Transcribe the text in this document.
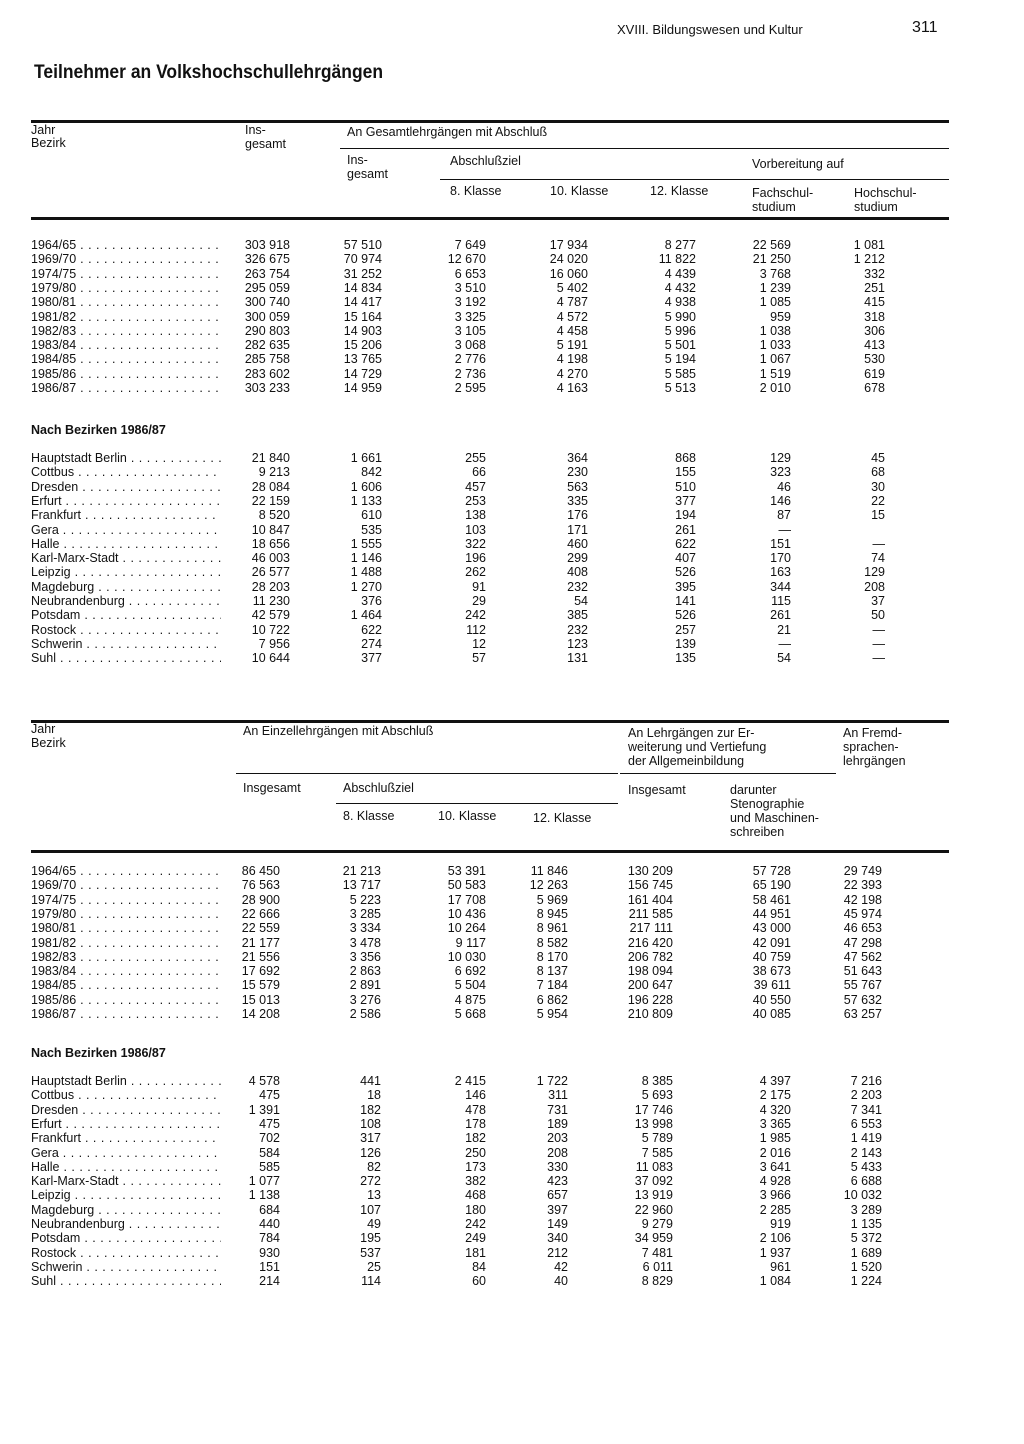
XVIII. Bildungswesen und Kultur	311
Teilnehmer an Volkshochschullehrgängen
Jahr
Bezirk
Ins-
gesamt
An Gesamtlehrgängen mit Abschluß
Ins-
gesamt
Abschlußziel	Vorbereitung auf
8. Klasse	10. Klasse	12. Klasse	Fachschul-
studium
Hochschul-
studium
1964/65 . . .	303 918	57 510	7 649	17 934	8 277	22 569	1 081
1969/70 . . .	326 675	70 974	12 670	24 020	11 822	21 250	1 212
1974/75 . . .	263 754	31 252	6 653	16 060	4 439	3 768	332
1979/80 . . .	295 059	14 834	3 510	5 402	4 432	1 239	251
1980/81 . . .	300 740	14 417	3 192	4 787	4 938	1 085	415
1981/82 . . .	300 059	15 164	3 325	4 572	5 990	959	318
1982/83 . . .	290 803	14 903	3 105	4 458	5 996	1 038	306
1983/84 . . .	282 635	15 206	3 068	5 191	5 501	1 033	413
1984/85 . . .	285 758	13 765	2 776	4 198	5 194	1 067	530
1985/86 . . .	283 602	14 729	2 736	4 270	5 585	1 519	619
1986/87 . . .	303 233	14 959	2 595	4 163	5 513	2 010	678
Nach Bezirken 1986/87
Hauptstadt Berlin . . .	21 840	1 661	255	364	868	129	45
Cottbus . . .	9 213	842	66	230	155	323	68
Dresden . . .	28 084	1 606	457	563	510	46	30
Erfurt . . .	22 159	1 133	253	335	377	146	22
Frankfurt . . .	8 520	610	138	176	194	87	15
Gera . . .	10 847	535	103	171	261	—
Halle . . .	18 656	1 555	322	460	622	151	—
Karl-Marx-Stadt . . .	46 003	1 146	196	299	407	170	74
Leipzig . . .	26 577	1 488	262	408	526	163	129
Magdeburg . . .	28 203	1 270	91	232	395	344	208
Neubrandenburg . . .	11 230	376	29	54	141	115	37
Potsdam . . .	42 579	1 464	242	385	526	261	50
Rostock . . .	10 722	622	112	232	257	21	—
Schwerin . . .	7 956	274	12	123	139	—	—
Suhl . . .	10 644	377	57	131	135	54	—
Jahr
Bezirk
An Einzellehrgängen mit Abschluß	An Lehrgängen zur Er-
weiterung und Vertiefung
der Allgemeinbildung
An Fremd-
sprachen-
lehrgängen
Insgesamt	Abschlußziel	Insgesamt	darunter
Stenographie
und Maschinen-
schreiben
8. Klasse	10. Klasse	12. Klasse
1964/65 . . .	86 450	21 213	53 391	11 846	130 209	57 728	29 749
1969/70 . . .	76 563	13 717	50 583	12 263	156 745	65 190	22 393
1974/75 . . .	28 900	5 223	17 708	5 969	161 404	58 461	42 198
1979/80 . . .	22 666	3 285	10 436	8 945	211 585	44 951	45 974
1980/81 . . .	22 559	3 334	10 264	8 961	217 111	43 000	46 653
1981/82 . . .	21 177	3 478	9 117	8 582	216 420	42 091	47 298
1982/83 . . .	21 556	3 356	10 030	8 170	206 782	40 759	47 562
1983/84 . . .	17 692	2 863	6 692	8 137	198 094	38 673	51 643
1984/85 . . .	15 579	2 891	5 504	7 184	200 647	39 611	55 767
1985/86 . . .	15 013	3 276	4 875	6 862	196 228	40 550	57 632
1986/87 . . .	14 208	2 586	5 668	5 954	210 809	40 085	63 257
Nach Bezirken 1986/87
Hauptstadt Berlin . . .	4 578	441	2 415	1 722	8 385	4 397	7 216
Cottbus . . .	475	18	146	311	5 693	2 175	2 203
Dresden . . .	1 391	182	478	731	17 746	4 320	7 341
Erfurt . . .	475	108	178	189	13 998	3 365	6 553
Frankfurt . . .	702	317	182	203	5 789	1 985	1 419
Gera . . .	584	126	250	208	7 585	2 016	2 143
Halle . . .	585	82	173	330	11 083	3 641	5 433
Karl-Marx-Stadt . . .	1 077	272	382	423	37 092	4 928	6 688
Leipzig . . .	1 138	13	468	657	13 919	3 966	10 032
Magdeburg . . .	684	107	180	397	22 960	2 285	3 289
Neubrandenburg . . .	440	49	242	149	9 279	919	1 135
Potsdam . . .	784	195	249	340	34 959	2 106	5 372
Rostock . . .	930	537	181	212	7 481	1 937	1 689
Schwerin . . .	151	25	84	42	6 011	961	1 520
Suhl . . .	214	114	60	40	8 829	1 084	1 224
